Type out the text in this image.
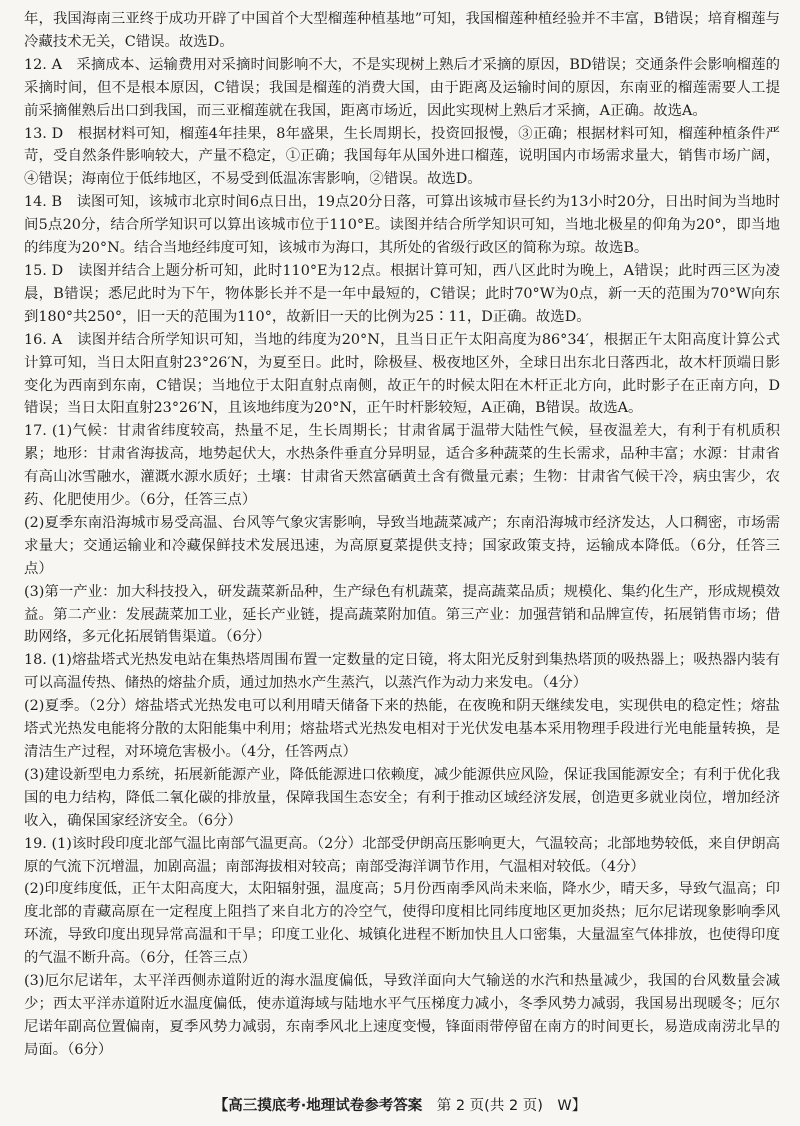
年，我国海南三亚终于成功开辟了中国首个大型榴莲种植基地”可知，我国榴莲种植经验并不丰富，B错误；培育榴莲与冷藏技术无关，C错误。故选D。

12. A　采摘成本、运输费用对采摘时间影响不大，不是实现树上熟后才采摘的原因，BD错误；交通条件会影响榴莲的采摘时间，但不是根本原因，C错误；我国是榴莲的消费大国，由于距离及运输时间的原因，东南亚的榴莲需要人工提前采摘催熟后出口到我国，而三亚榴莲就在我国，距离市场近，因此实现树上熟后才采摘，A正确。故选A。

13. D　根据材料可知，榴莲4年挂果，8年盛果，生长周期长，投资回报慢，③正确；根据材料可知，榴莲种植条件严苛，受自然条件影响较大，产量不稳定，①正确；我国每年从国外进口榴莲，说明国内市场需求量大，销售市场广阔，④错误；海南位于低纬地区，不易受到低温冻害影响，②错误。故选D。

14. B　读图可知，该城市北京时间6点日出，19点20分日落，可算出该城市昼长约为13小时20分，日出时间为当地时间5点20分，结合所学知识可以算出该城市位于110°E。读图并结合所学知识可知，当地北极星的仰角为20°，即当地的纬度为20°N。结合当地经纬度可知，该城市为海口，其所处的省级行政区的简称为琼。故选B。

15. D　读图并结合上题分析可知，此时110°E为12点。根据计算可知，西八区此时为晚上，A错误；此时西三区为凌晨，B错误；悉尼此时为下午，物体影长并不是一年中最短的，C错误；此时70°W为0点，新一天的范围为70°W向东到180°共250°，旧一天的范围为110°，故新旧一天的比例为25∶11，D正确。故选D。

16. A　读图并结合所学知识可知，当地的纬度为20°N，且当日正午太阳高度为86°34′，根据正午太阳高度计算公式计算可知，当日太阳直射23°26′N，为夏至日。此时，除极昼、极夜地区外，全球日出东北日落西北，故木杆顶端日影变化为西南到东南，C错误；当地位于太阳直射点南侧，故正午的时候太阳在木杆正北方向，此时影子在正南方向，D错误；当日太阳直射23°26′N，且该地纬度为20°N，正午时杆影较短，A正确，B错误。故选A。

17. (1)气候：甘肃省纬度较高，热量不足，生长周期长；甘肃省属于温带大陆性气候，昼夜温差大，有利于有机质积累；地形：甘肃省海拔高，地势起伏大，水热条件垂直分异明显，适合多种蔬菜的生长需求，品种丰富；水源：甘肃省有高山冰雪融水，灌溉水源水质好；土壤：甘肃省天然富硒黄土含有微量元素；生物：甘肃省气候干冷，病虫害少，农药、化肥使用少。（6分，任答三点）

(2)夏季东南沿海城市易受高温、台风等气象灾害影响，导致当地蔬菜减产；东南沿海城市经济发达，人口稠密，市场需求量大；交通运输业和冷藏保鲜技术发展迅速，为高原夏菜提供支持；国家政策支持，运输成本降低。（6分，任答三点）

(3)第一产业：加大科技投入，研发蔬菜新品种，生产绿色有机蔬菜，提高蔬菜品质；规模化、集约化生产，形成规模效益。第二产业：发展蔬菜加工业，延长产业链，提高蔬菜附加值。第三产业：加强营销和品牌宣传，拓展销售市场；借助网络，多元化拓展销售渠道。（6分）

18. (1)熔盐塔式光热发电站在集热塔周围布置一定数量的定日镜，将太阳光反射到集热塔顶的吸热器上；吸热器内装有可以高温传热、储热的熔盐介质，通过加热水产生蒸汽，以蒸汽作为动力来发电。（4分）

(2)夏季。（2分）熔盐塔式光热发电可以利用晴天储备下来的热能，在夜晚和阴天继续发电，实现供电的稳定性；熔盐塔式光热发电能将分散的太阳能集中利用；熔盐塔式光热发电相对于光伏发电基本采用物理手段进行光电能量转换，是清洁生产过程，对环境危害极小。（4分，任答两点）

(3)建设新型电力系统，拓展新能源产业，降低能源进口依赖度，减少能源供应风险，保证我国能源安全；有利于优化我国的电力结构，降低二氧化碳的排放量，保障我国生态安全；有利于推动区域经济发展，创造更多就业岗位，增加经济收入，确保国家经济安全。（6分）

19. (1)该时段印度北部气温比南部气温更高。（2分）北部受伊朗高压影响更大，气温较高；北部地势较低，来自伊朗高原的气流下沉增温，加剧高温；南部海拔相对较高；南部受海洋调节作用，气温相对较低。（4分）

(2)印度纬度低，正午太阳高度大，太阳辐射强，温度高；5月份西南季风尚未来临，降水少，晴天多，导致气温高；印度北部的青藏高原在一定程度上阻挡了来自北方的冷空气，使得印度相比同纬度地区更加炎热；厄尔尼诺现象影响季风环流，导致印度出现异常高温和干旱；印度工业化、城镇化进程不断加快且人口密集，大量温室气体排放，也使得印度的气温不断升高。（6分，任答三点）

(3)厄尔尼诺年，太平洋西侧赤道附近的海水温度偏低，导致洋面向大气输送的水汽和热量减少，我国的台风数量会减少；西太平洋赤道附近水温度偏低，使赤道海域与陆地水平气压梯度力减小，冬季风势力减弱，我国易出现暖冬；厄尔尼诺年副高位置偏南，夏季风势力减弱，东南季风北上速度变慢，锋面雨带停留在南方的时间更长，易造成南涝北旱的局面。（6分）

【高三摸底考·地理试卷参考答案　第 2 页(共 2 页)　W】
